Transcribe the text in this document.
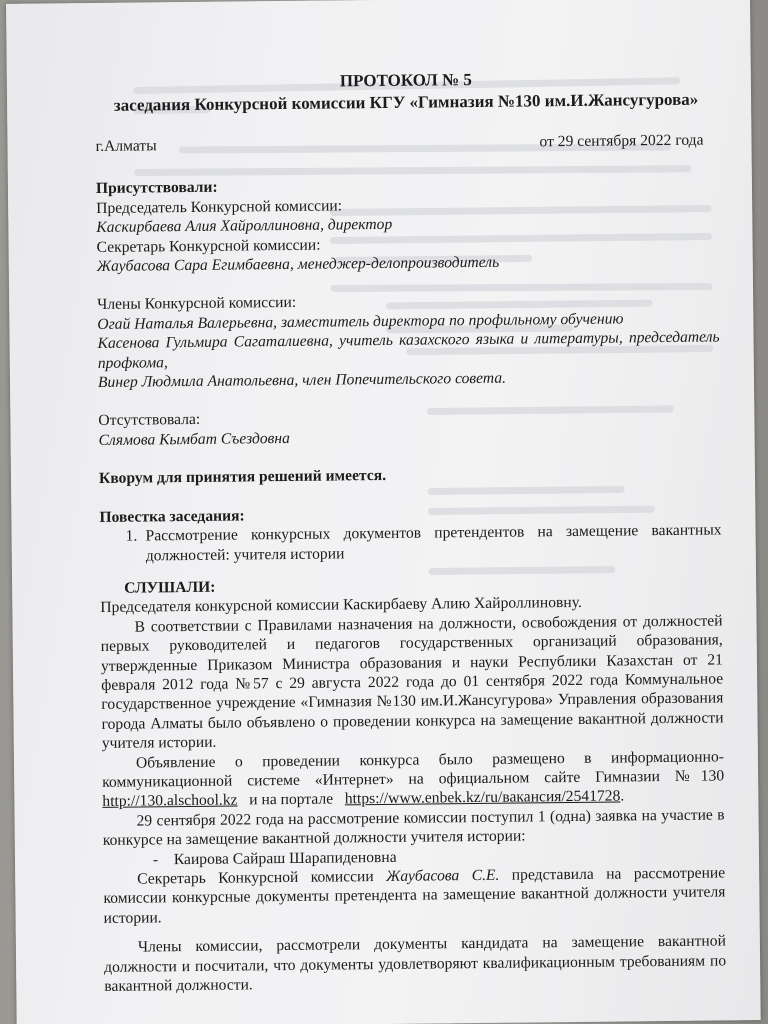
ПРОТОКОЛ № 5
заседания Конкурсной комиссии КГУ «Гимназия №130 им.И.Жансугурова»
г.Алматы	от 29 сентября 2022 года
Присутствовали:
Председатель Конкурсной комиссии:
Каскирбаева Алия Хайроллиновна, директор
Секретарь Конкурсной комиссии:
Жаубасова Сара Егимбаевна, менеджер-делопроизводитель
Члены Конкурсной комиссии:
Огай Наталья Валерьевна, заместитель директора по профильному обучению
Касенова Гульмира Сагаталиевна, учитель казахского языка и литературы, председатель профкома,
Винер Людмила Анатольевна, член Попечительского совета.
Отсутствовала:
Слямова Кымбат Съездовна
Кворум для принятия решений имеется.
Повестка заседания:
1. Рассмотрение конкурсных документов претендентов на замещение вакантных должностей: учителя истории
СЛУШАЛИ:
Председателя конкурсной комиссии Каскирбаеву Алию Хайроллиновну.
В соответствии с Правилами назначения на должности, освобождения от должностей первых руководителей и педагогов государственных организаций образования, утвержденные Приказом Министра образования и науки Республики Казахстан от 21 февраля 2012 года №57 с 29 августа 2022 года до 01 сентября 2022 года Коммунальное государственное учреждение «Гимназия №130 им.И.Жансугурова» Управления образования города Алматы было объявлено о проведении конкурса на замещение вакантной должности учителя истории.
Объявление о проведении конкурса было размещено в информационно-коммуникационной системе «Интернет» на официальном сайте Гимназии №130 http://130.alschool.kz   и на портале   https://www.enbek.kz/ru/вакансия/2541728.
29 сентября 2022 года на рассмотрение комиссии поступил 1 (одна) заявка на участие в конкурсе на замещение вакантной должности учителя истории:
-    Каирова Сайраш Шарапиденовна
Секретарь Конкурсной комиссии Жаубасова С.Е. представила на рассмотрение комиссии конкурсные документы претендента на замещение вакантной должности учителя истории.
Члены комиссии, рассмотрели документы кандидата на замещение вакантной должности и посчитали, что документы удовлетворяют квалификационным требованиям по вакантной должности.
